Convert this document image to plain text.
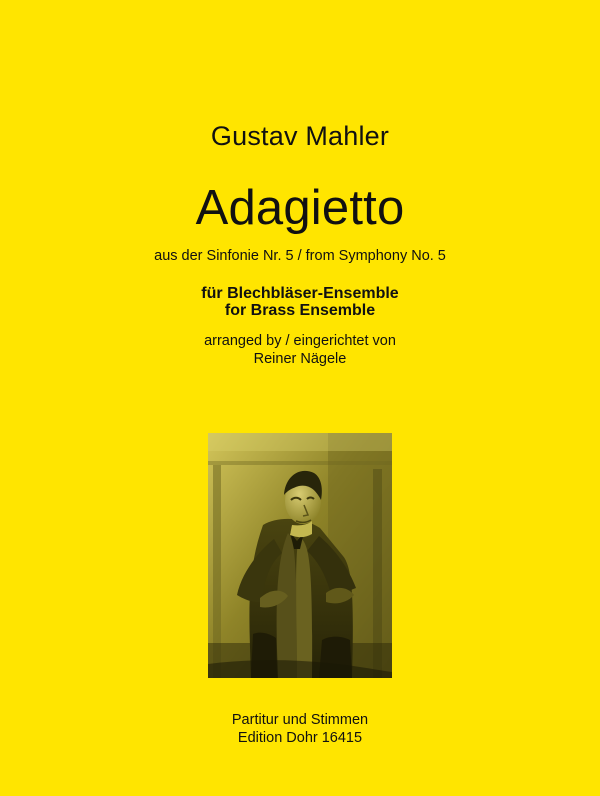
Gustav Mahler
Adagietto
aus der Sinfonie Nr. 5 / from Symphony No. 5
für Blechbläser-Ensemble
for Brass Ensemble
arranged by / eingerichtet von
Reiner Nägele
Partitur und Stimmen
Edition Dohr 16415
